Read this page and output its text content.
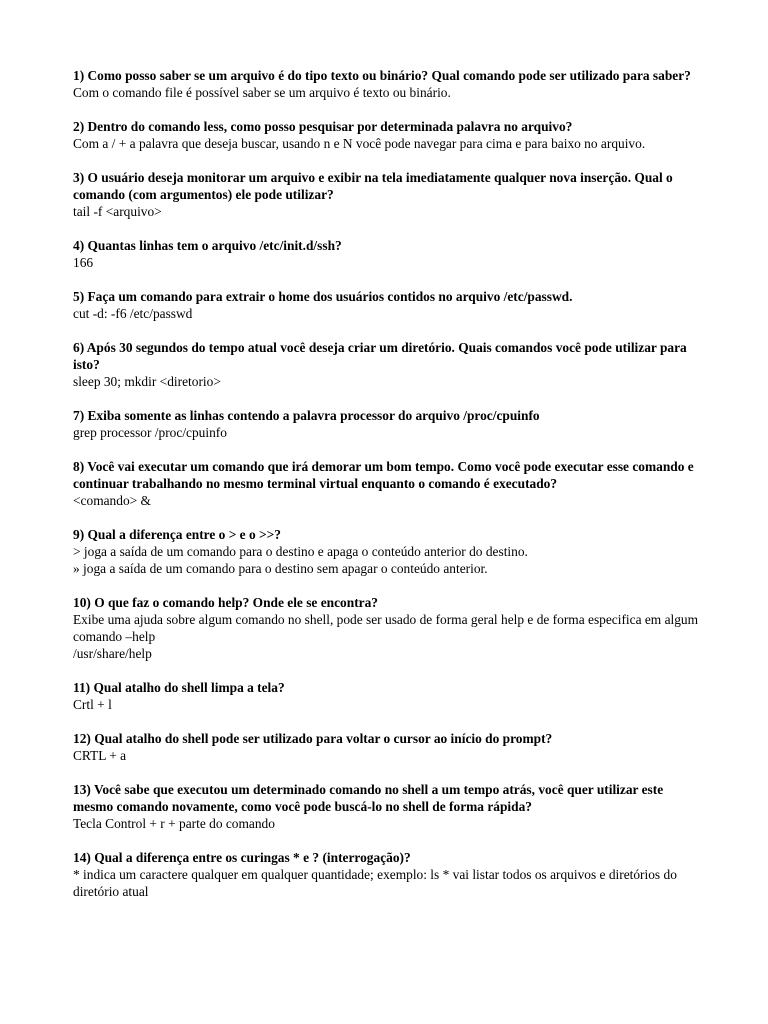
1) Como posso saber se um arquivo é do tipo texto ou binário? Qual comando pode ser utilizado para saber?

Com o comando file é possível saber se um arquivo é texto ou binário.

2) Dentro do comando less, como posso pesquisar por determinada palavra no arquivo?

Com a / + a palavra que deseja buscar, usando n e N você pode navegar para cima e para baixo no arquivo.

3) O usuário deseja monitorar um arquivo e exibir na tela imediatamente qualquer nova inserção. Qual o comando (com argumentos) ele pode utilizar?

tail -f <arquivo>

4) Quantas linhas tem o arquivo /etc/init.d/ssh?

166

5) Faça um comando para extrair o home dos usuários contidos no arquivo /etc/passwd.

cut -d: -f6 /etc/passwd

6) Após 30 segundos do tempo atual você deseja criar um diretório. Quais comandos você pode utilizar para isto?

sleep 30; mkdir <diretorio>

7) Exiba somente as linhas contendo a palavra processor do arquivo /proc/cpuinfo

grep processor /proc/cpuinfo

8) Você vai executar um comando que irá demorar um bom tempo. Como você pode executar esse comando e continuar trabalhando no mesmo terminal virtual enquanto o comando é executado?

<comando> &

9) Qual a diferença entre o > e o >>?

> joga a saída de um comando para o destino e apaga o conteúdo anterior do destino.

» joga a saída de um comando para o destino sem apagar o conteúdo anterior.

10) O que faz o comando help? Onde ele se encontra?

Exibe uma ajuda sobre algum comando no shell, pode ser usado de forma geral help e de forma especifica em algum comando –help

/usr/share/help

11) Qual atalho do shell limpa a tela?

Crtl + l

12) Qual atalho do shell pode ser utilizado para voltar o cursor ao início do prompt?

CRTL + a

13) Você sabe que executou um determinado comando no shell a um tempo atrás, você quer utilizar este mesmo comando novamente, como você pode buscá-lo no shell de forma rápida?

Tecla Control + r + parte do comando

14) Qual a diferença entre os curingas * e ? (interrogação)?

* indica um caractere qualquer em qualquer quantidade; exemplo: ls * vai listar todos os arquivos e diretórios do diretório atual
